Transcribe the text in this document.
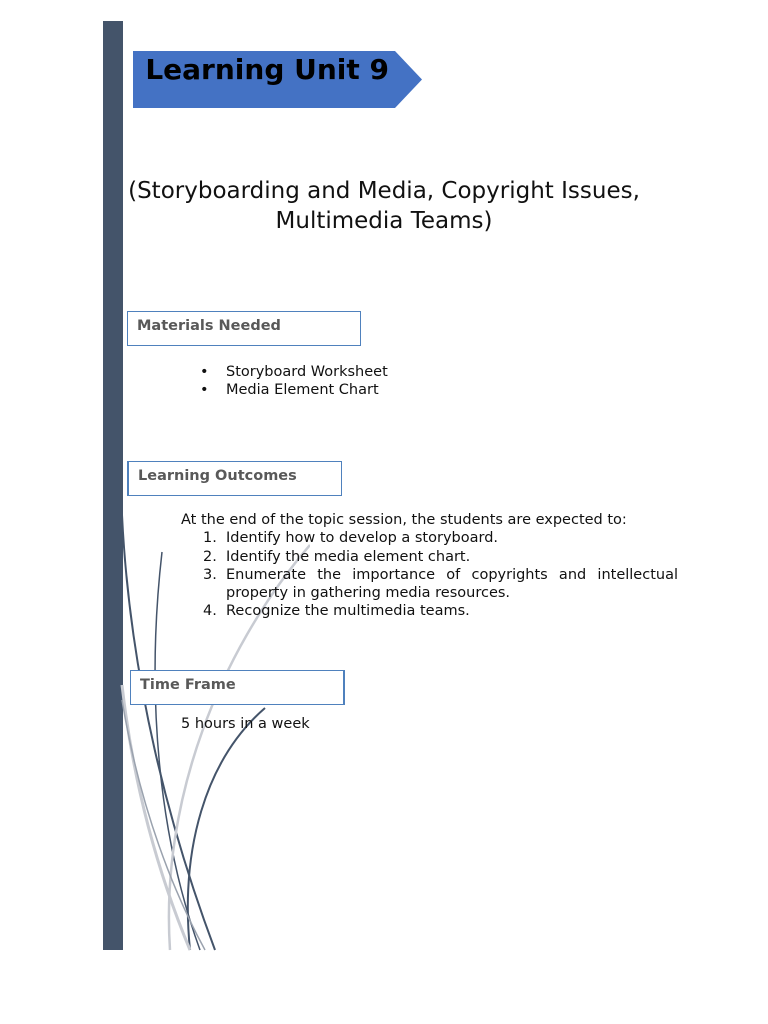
Learning Unit 9
(Storyboarding and Media, Copyright Issues,
Multimedia Teams)
Materials Needed
•	Storyboard Worksheet
•	Media Element Chart
Learning Outcomes
At the end of the topic session, the students are expected to:
1. Identify how to develop a storyboard.
2. Identify the media element chart.
3. Enumerate the importance of copyrights and intellectual property in gathering media resources.
4. Recognize the multimedia teams.
Time Frame
5 hours in a week
